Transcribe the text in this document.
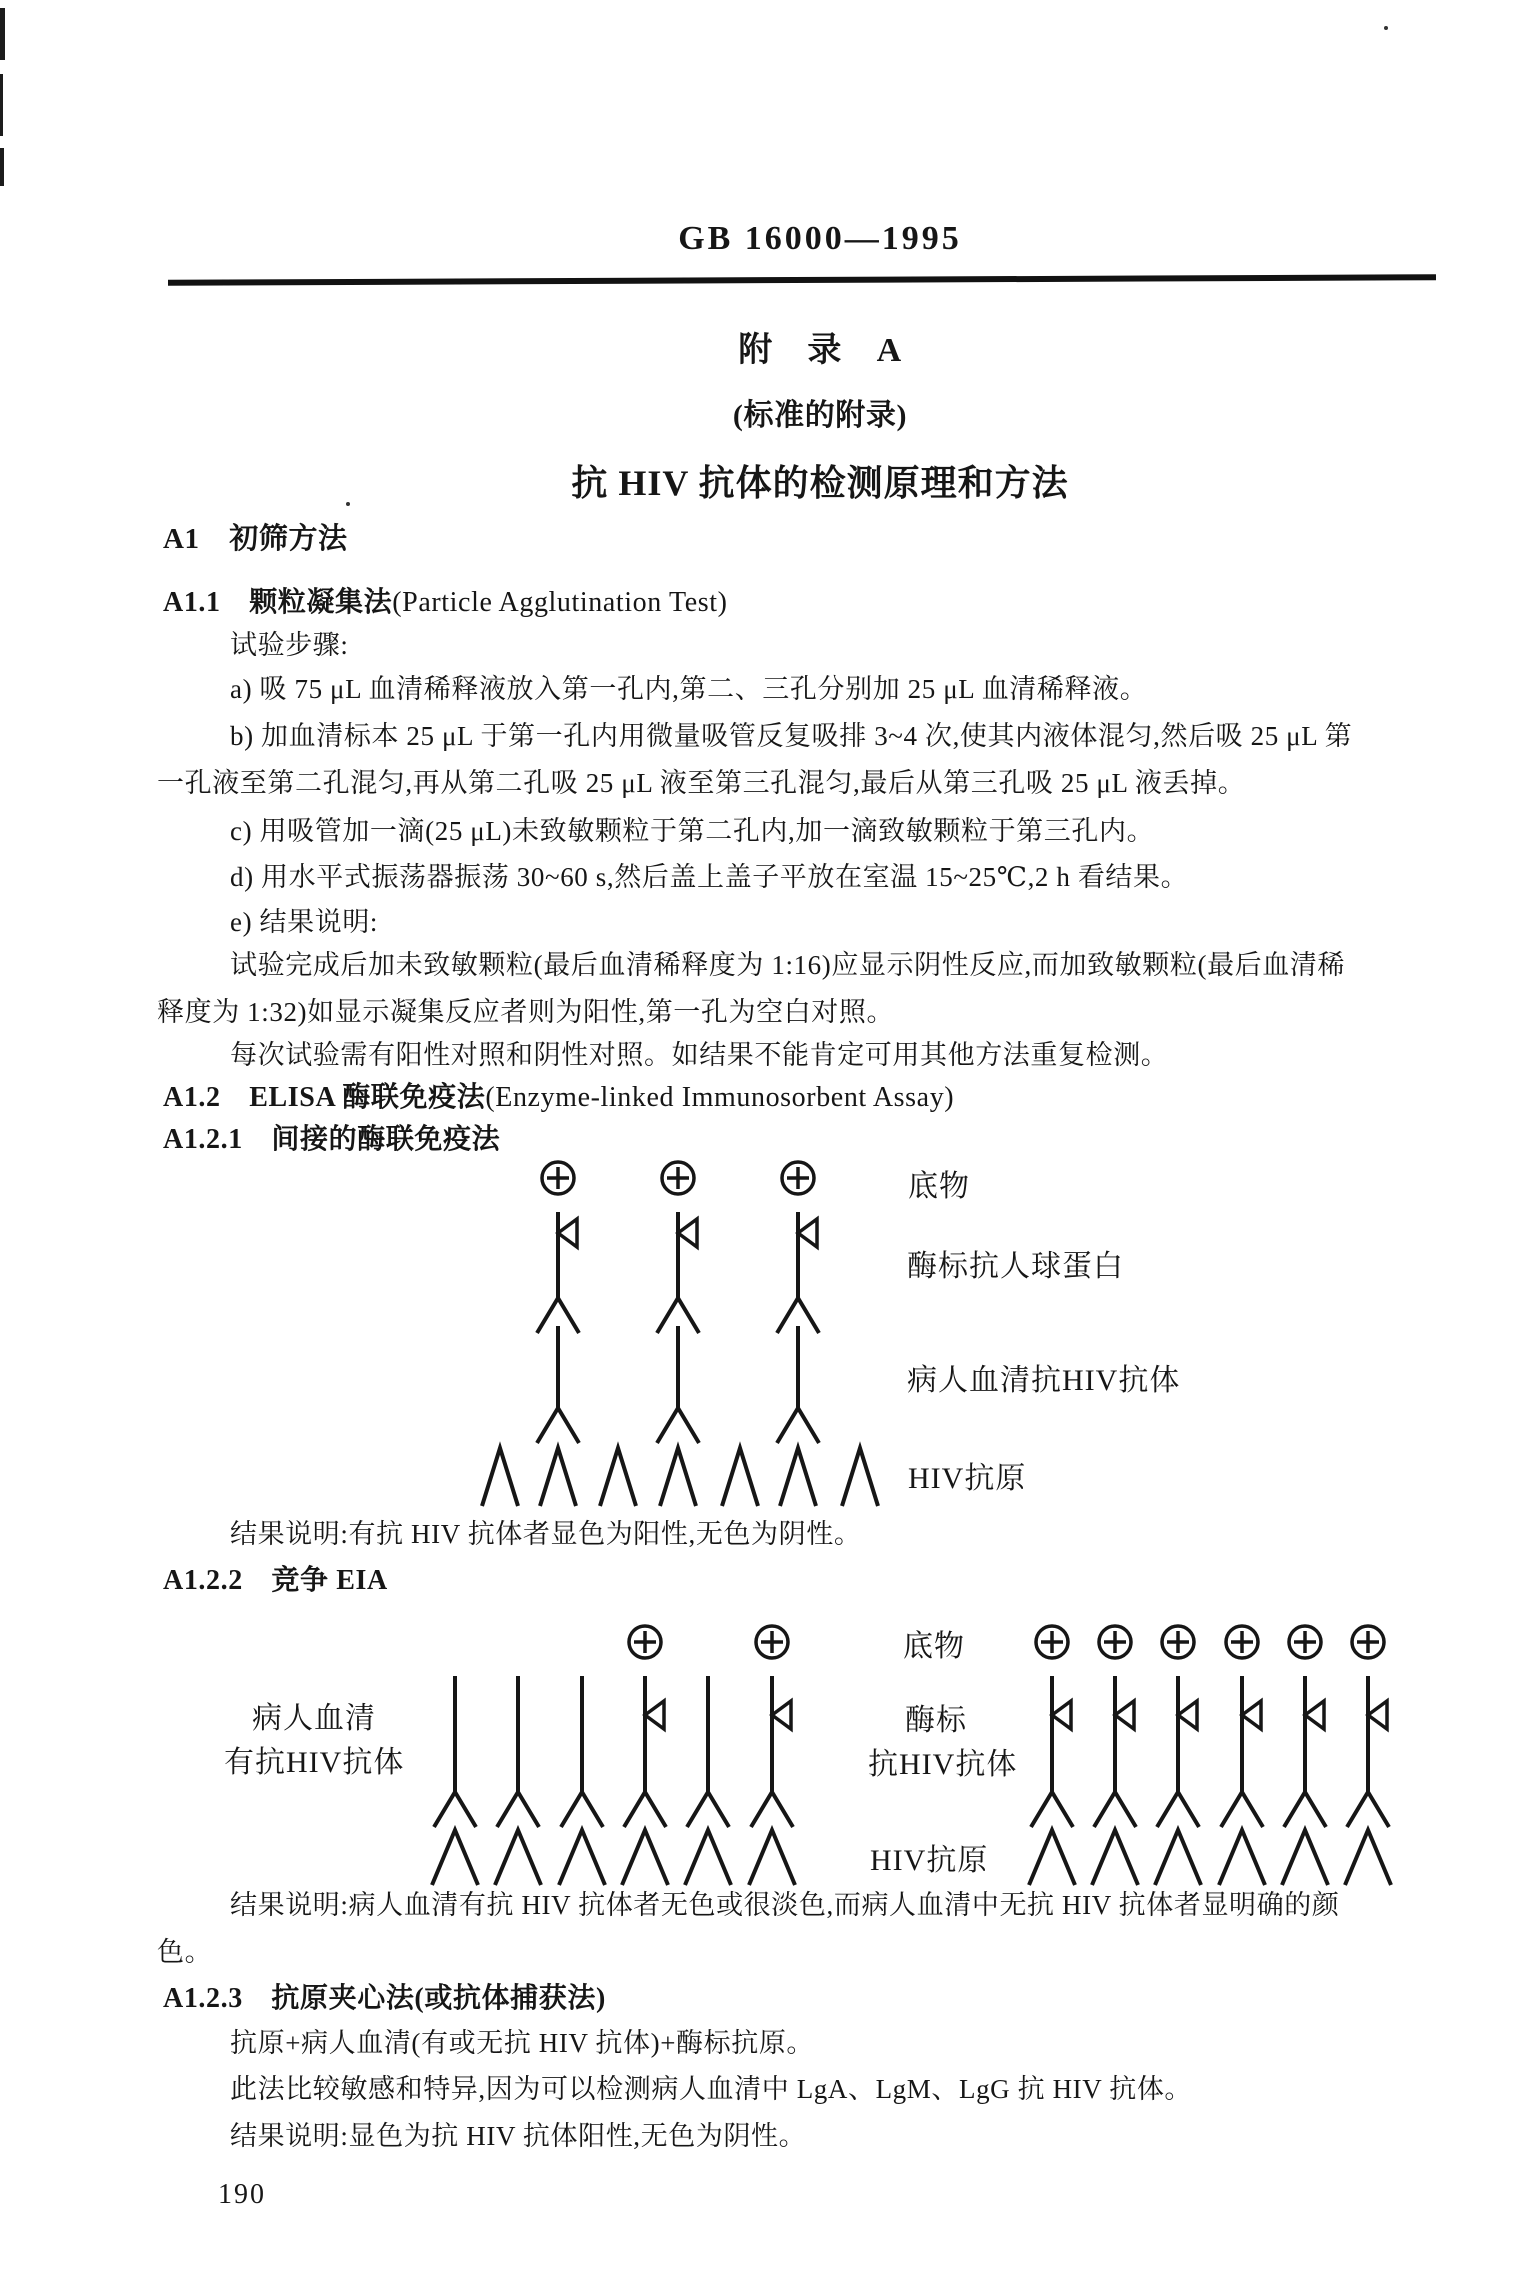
GB 16000—1995
附　录　A
(标准的附录)
抗 HIV 抗体的检测原理和方法
A1　初筛方法
A1.1　颗粒凝集法(Particle Agglutination Test)
试验步骤:
a) 吸 75 μL 血清稀释液放入第一孔内,第二、三孔分别加 25 μL 血清稀释液。
b) 加血清标本 25 μL 于第一孔内用微量吸管反复吸排 3~4 次,使其内液体混匀,然后吸 25 μL 第
一孔液至第二孔混匀,再从第二孔吸 25 μL 液至第三孔混匀,最后从第三孔吸 25 μL 液丢掉。
c) 用吸管加一滴(25 μL)未致敏颗粒于第二孔内,加一滴致敏颗粒于第三孔内。
d) 用水平式振荡器振荡 30~60 s,然后盖上盖子平放在室温 15~25℃,2 h 看结果。
e) 结果说明:
试验完成后加未致敏颗粒(最后血清稀释度为 1:16)应显示阴性反应,而加致敏颗粒(最后血清稀
释度为 1:32)如显示凝集反应者则为阳性,第一孔为空白对照。
每次试验需有阳性对照和阴性对照。如结果不能肯定可用其他方法重复检测。
A1.2　ELISA 酶联免疫法(Enzyme-linked Immunosorbent Assay)
A1.2.1　间接的酶联免疫法
底物
酶标抗人球蛋白
病人血清抗HIV抗体
HIV抗原
结果说明:有抗 HIV 抗体者显色为阳性,无色为阴性。
A1.2.2　竞争 EIA
病人血清
有抗HIV抗体
底物
酶标
抗HIV抗体
HIV抗原
结果说明:病人血清有抗 HIV 抗体者无色或很淡色,而病人血清中无抗 HIV 抗体者显明确的颜
色。
A1.2.3　抗原夹心法(或抗体捕获法)
抗原+病人血清(有或无抗 HIV 抗体)+酶标抗原。
此法比较敏感和特异,因为可以检测病人血清中 LgA、LgM、LgG 抗 HIV 抗体。
结果说明:显色为抗 HIV 抗体阳性,无色为阴性。
190
